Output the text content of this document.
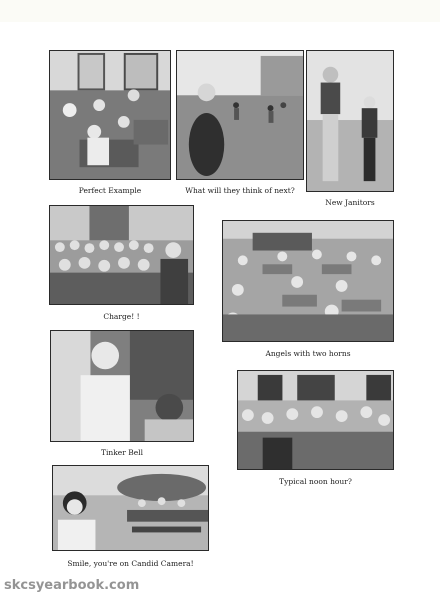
Perfect Example	What will they think of next?
New Janitors
Charge! !
Angels with two horns
Tinker Bell
Typical noon hour?
Smile, you're on Candid Camera!
skcsyearbook.com
